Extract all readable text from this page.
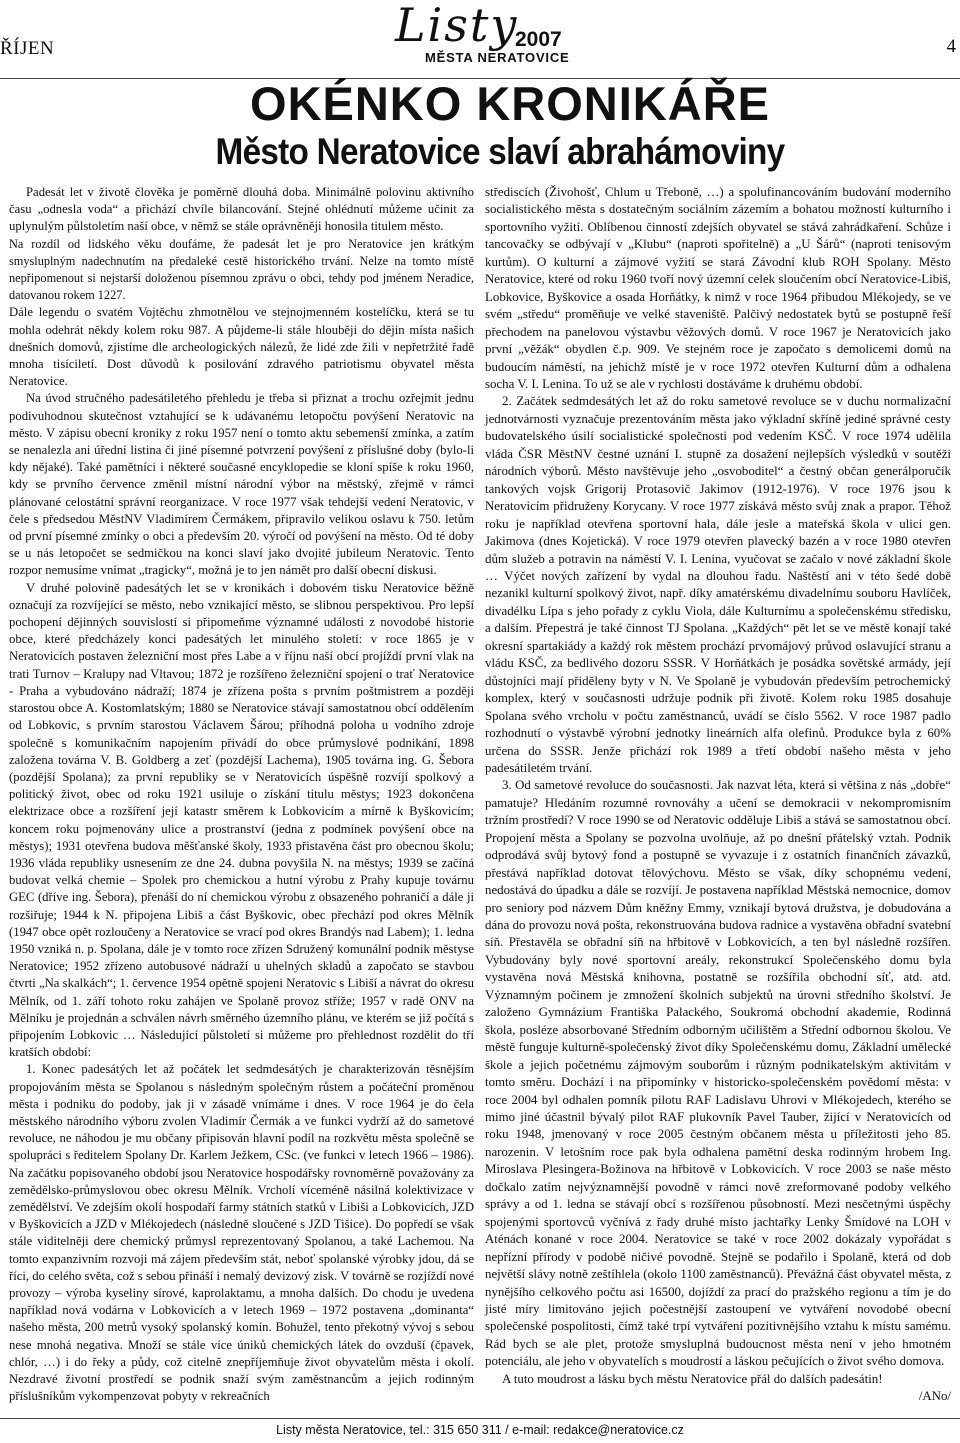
ŘÍJEN	Listy
2007
MĚSTA NERATOVICE
4
OKÉNKO KRONIKÁŘE
Město Neratovice slaví abrahámoviny

Padesát let v životě člověka je poměrně dlouhá doba. Minimálně polovinu aktivního času „odnesla voda“ a přichází chvíle bilancování. Stejné ohlédnutí můžeme učinit za uplynulým půlstoletím naší obce, v němž se stále oprávněněji honosila titulem město.

Na rozdíl od lidského věku doufáme, že padesát let je pro Neratovice jen krátkým smysluplným nadechnutím na předaleké cestě historického trvání. Nelze na tomto místě nepřipomenout si nejstarší doloženou písemnou zprávu o obci, tehdy pod jménem Neradice, datovanou rokem 1227.

Dále legendu o svatém Vojtěchu zhmotnělou ve stejnojmenném kostelíčku, která se tu mohla odehrát někdy kolem roku 987. A půjdeme-li stále hlouběji do dějin místa našich dnešních domovů, zjistíme dle archeologických nálezů, že lidé zde žili v nepřetržité řadě mnoha tisíciletí. Dost důvodů k posilování zdravého patriotismu obyvatel města Neratovice.

Na úvod stručného padesátiletého přehledu je třeba si přiznat a trochu ozřejmit jednu podivuhodnou skutečnost vztahující se k udávanému letopočtu povýšení Neratovic na město. V zápisu obecní kroniky z roku 1957 není o tomto aktu sebemenší zmínka, a zatím se nenalezla ani úřední listina či jiné písemné potvrzení povýšení z příslušné doby (bylo-li kdy nějaké). Také pamětníci i některé současné encyklopedie se kloní spíše k roku 1960, kdy se prvního července změnil místní národní výbor na městský, zřejmě v rámci plánované celostátní správní reorganizace. V roce 1977 však tehdejší vedení Neratovic, v čele s předsedou MěstNV Vladimírem Čermákem, připravilo velikou oslavu k 750. letům od první písemné zmínky o obci a především 20. výročí od povýšení na město. Od té doby se u nás letopočet se sedmičkou na konci slaví jako dvojité jubileum Neratovic. Tento rozpor nemusíme vnímat „tragicky“, možná je to jen námět pro další obecní diskusi.

V druhé polovině padesátých let se v kronikách i dobovém tisku Neratovice běžně označují za rozvíjející se město, nebo vznikající město, se slibnou perspektivou. Pro lepší pochopení dějinných souvislostí si připomeňme významné události z novodobé historie obce, které předcházely konci padesátých let minulého století: v roce 1865 je v Neratovicích postaven železniční most přes Labe a v říjnu naší obcí projíždí první vlak na trati Turnov – Kralupy nad Vltavou; 1872 je rozšířeno železniční spojení o trať Neratovice - Praha a vybudováno nádraží; 1874 je zřízena pošta s prvním poštmistrem a později starostou obce A. Kostomlatským; 1880 se Neratovice stávají samostatnou obcí oddělením od Lobkovic, s prvním starostou Václavem Šárou; příhodná poloha u vodního zdroje společně s komunikačním napojením přivádí do obce průmyslové podnikání, 1898 založena továrna V. B. Goldberg a zeť (pozdější Lachema), 1905 továrna ing. G. Šebora (pozdější Spolana); za první republiky se v Neratovicích úspěšně rozvíjí spolkový a politický život, obec od roku 1921 usiluje o získání titulu městys; 1923 dokončena elektrizace obce a rozšíření její katastr směrem k Lobkovicím a mírně k Byškovicím; koncem roku pojmenovány ulice a prostranství (jedna z podmínek povýšení obce na městys); 1931 otevřena budova měšťanské školy, 1933 přistavěna část pro obecnou školu; 1936 vláda republiky usnesením ze dne 24. dubna povyšila N. na městys; 1939 se začíná budovat velká chemie – Spolek pro chemickou a hutní výrobu z Prahy kupuje továrnu GEC (dříve ing. Šebora), přenáší do ní chemickou výrobu z obsazeného pohraničí a dále ji rozšiřuje; 1944 k N. připojena Libiš a část Byškovic, obec přechází pod okres Mělník (1947 obce opět rozloučeny a Neratovice se vrací pod okres Brandýs nad Labem); 1. ledna 1950 vzniká n. p. Spolana, dále je v tomto roce zřízen Sdružený komunální podnik městyse Neratovice; 1952 zřízeno autobusové nádraží u uhelných skladů a započato se stavbou čtvrti „Na skalkách“; 1. července 1954 opětně spojeni Neratovic s Libiší a návrat do okresu Mělník, od 1. září tohoto roku zahájen ve Spolaně provoz stříže; 1957 v radě ONV na Mělníku je projednán a schválen návrh směrného územního plánu, ve kterém se již počítá s připojením Lobkovic … Následující půlstoletí si můžeme pro přehlednost rozdělit do tří kratších období:

1. Konec padesátých let až počátek let sedmdesátých je charakterizován těsnějším propojováním města se Spolanou s následným společným růstem a počáteční proměnou města i podniku do podoby, jak ji v zásadě vnímáme i dnes. V roce 1964 je do čela městského národního výboru zvolen Vladimír Čermák a ve funkci vydrží až do sametové revoluce, ne náhodou je mu občany připisován hlavní podíl na rozkvětu města společně se spolupráci s ředitelem Spolany Dr. Karlem Ježkem, CSc. (ve funkci v letech 1966 – 1986). Na začátku popisovaného období jsou Neratovice hospodářsky rovnoměrně považovány za zemědělsko-průmyslovou obec okresu Mělník. Vrcholí víceméně násilná kolektivizace v zemědělství. Ve zdejším okolí hospodaří farmy státních statků v Libiši a Lobkovicích, JZD v Byškovicích a JZD v Mlékojedech (následně sloučené s JZD Tišice). Do popředí se však stále viditelněji dere chemický průmysl reprezentovaný Spolanou, a také Lachemou. Na tomto expanzivním rozvoji má zájem především stát, neboť spolanské výrobky jdou, dá se říci, do celého světa, což s sebou přináší i nemalý devizový zisk. V továrně se rozjíždí nové provozy – výroba kyseliny sírové, kaprolaktamu, a mnoha dalších. Do chodu je uvedena například nová vodárna v Lobkovicích a v letech 1969 – 1972 postavena „dominanta“ našeho města, 200 metrů vysoký spolanský komín. Bohužel, tento překotný vývoj s sebou nese mnohá negativa. Množí se stále více úniků chemických látek do ovzduší (čpavek, chlór, …) i do řeky a půdy, což citelně znepříjemňuje život obyvatelům města i okolí. Nezdravé životní prostředí se podnik snaží svým zaměstnancům a jejich rodinným příslušníkům vykompenzovat pobyty v rekreačních

střediscích (Živohošť, Chlum u Třeboně, …) a spolufinancováním budování moderního socialistického města s dostatečným sociálním zázemím a bohatou možností kulturního i sportovního vyžití. Oblíbenou činností zdejších obyvatel se stává zahrádkaření. Schůze i tancovačky se odbývají v „Klubu“ (naproti spořitelně) a „U Šárů“ (naproti tenisovým kurtům). O kulturní a zájmové vyžití se stará Závodní klub ROH Spolany. Město Neratovice, které od roku 1960 tvoří nový územní celek sloučením obcí Neratovice-Libiš, Lobkovice, Byškovice a osada Horňátky, k nimž v roce 1964 přibudou Mlékojedy, se ve svém „středu“ proměňuje ve velké staveniště. Palčivý nedostatek bytů se postupně řeší přechodem na panelovou výstavbu věžových domů. V roce 1967 je Neratovicích jako první „věžák“ obydlen č.p. 909. Ve stejném roce je započato s demolicemi domů na budoucím náměstí, na jehichž místě je v roce 1972 otevřen Kulturní dům a odhalena socha V. I. Lenina. To už se ale v rychlosti dostáváme k druhému období.

2. Začátek sedmdesátých let až do roku sametové revoluce se v duchu normalizační jednotvárnosti vyznačuje prezentováním města jako výkladní skříně jediné správné cesty budovatelského úsilí socialistické společnosti pod vedením KSČ. V roce 1974 udělila vláda ČSR MěstNV čestné uznání I. stupně za dosažení nejlepších výsledků v soutěži národních výborů. Město navštěvuje jeho „osvoboditel“ a čestný občan generálporučík tankových vojsk Grigorij Protasovič Jakimov (1912-1976). V roce 1976 jsou k Neratovicím přidruženy Korycany. V roce 1977 získává město svůj znak a prapor. Těhož roku je například otevřena sportovní hala, dále jesle a mateřská škola v ulici gen. Jakimova (dnes Kojetická). V roce 1979 otevřen plavecký bazén a v roce 1980 otevřen dům služeb a potravin na náměstí V. I. Lenina, vyučovat se začalo v nové základní škole … Výčet nových zařízení by vydal na dlouhou řadu. Naštěstí ani v této šedé době nezanikl kulturní spolkový život, např. díky amatérskému divadelnímu souboru Havlíček, divadélku Lípa s jeho pořady z cyklu Viola, dále Kulturnímu a společenskému středisku, a dalším. Přepestrá je také činnost TJ Spolana. „Každých“ pět let se ve městě konají také okresní spartakiády a každý rok městem prochází prvomájový průvod oslavující stranu a vládu KSČ, za bedlivého dozoru SSSR. V Horňátkách je posádka sovětské armády, její důstojníci mají přiděleny byty v N. Ve Spolaně je vybudován především petrochemický komplex, který v současnosti udržuje podnik při životě. Kolem roku 1985 dosahuje Spolana svého vrcholu v počtu zaměstnanců, uvádí se číslo 5562. V roce 1987 padlo rozhodnutí o výstavbě výrobní jednotky lineárních alfa olefinů. Produkce byla z 60% určena do SSSR. Jenže přichází rok 1989 a třetí období našeho města v jeho padesátiletém trvání.

3. Od sametové revoluce do současnosti. Jak nazvat léta, která si většina z nás „dobře“ pamatuje? Hledáním rozumné rovnováhy a učení se demokracii v nekompromisním tržním prostředí? V roce 1990 se od Neratovic odděluje Libiš a stává se samostatnou obcí. Propojení města a Spolany se pozvolna uvolňuje, až po dnešní přátelský vztah. Podnik odprodává svůj bytový fond a postupně se vyvazuje i z ostatních finančních závazků, přestává například dotovat tělovýchovu. Město se však, díky schopnému vedení, nedostává do úpadku a dále se rozvíjí. Je postavena například Městská nemocnice, domov pro seniory pod názvem Dům kněžny Emmy, vznikají bytová družstva, je dobudována a dána do provozu nová pošta, rekonstruována budova radnice a vystavěna obřadní svatební síň. Přestavěla se obřadní síň na hřbitově v Lobkovicích, a ten byl následně rozšířen. Vybudovány byly nové sportovní areály, rekonstrukcí Společenského domu byla vystavěna nová Městská knihovna, postatně se rozšířila obchodní síť, atd. atd. Významným počinem je zmnožení školních subjektů na úrovni středního školství. Je založeno Gymnázium Františka Palackého, Soukromá obchodní akademie, Rodinná škola, posléze absorbované Středním odborným učilištěm a Střední odbornou školou. Ve městě funguje kulturně-společenský život díky Společenskému domu, Základní umělecké škole a jejich početnému zájmovým souborům i různým podnikatelským aktivitám v tomto směru. Dochází i na připomínky v historicko-společenském povědomí města: v roce 2004 byl odhalen pomník pilotu RAF Ladislavu Uhrovi v Mlékojedech, kterého se mimo jiné účastnil bývalý pilot RAF plukovník Pavel Tauber, žijící v Neratovicích od roku 1948, jmenovaný v roce 2005 čestným občanem města u příležitosti jeho 85. narozenin. V letošním roce pak byla odhalena pamětní deska rodinným hrobem Ing. Miroslava Plesingera-Božinova na hřbitově v Lobkovicích. V roce 2003 se naše město dočkalo zatím nejvýznamnější povodně v rámci nově zreformované podoby velkého správy a od 1. ledna se stávají obcí s rozšířenou působností. Mezi nesčetnými úspěchy spojenými sportovců vyčnívá z řady druhé místo jachtařky Lenky Šmídové na LOH v Aténách konané v roce 2004. Neratovice se také v roce 2002 dokázaly vypořádat s nepřízní přírody v podobě ničivé povodně. Stejně se podařilo i Spolaně, která od dob největší slávy notně zeštíhlela (okolo 1100 zaměstnanců). Převážná část obyvatel města, z nynějšího celkového počtu asi 16500, dojíždí za prací do pražského regionu a tím je do jisté míry limitováno jejich počestnější zastoupení ve vytváření novodobé obecní společenské pospolitosti, čímž také trpí vytváření pozitivnějšího vztahu k místu samému. Rád bych se ale plet, protože smysluplná budoucnost města není v jeho hmotném potenciálu, ale jeho v obyvatelích s moudrostí a láskou pečujících o život svého domova.

A tuto moudrost a lásku bych městu Neratovice přál do dalších padesátin!

/ANo/

Listy města Neratovice, tel.: 315 650 311 / e-mail: redakce@neratovice.cz
